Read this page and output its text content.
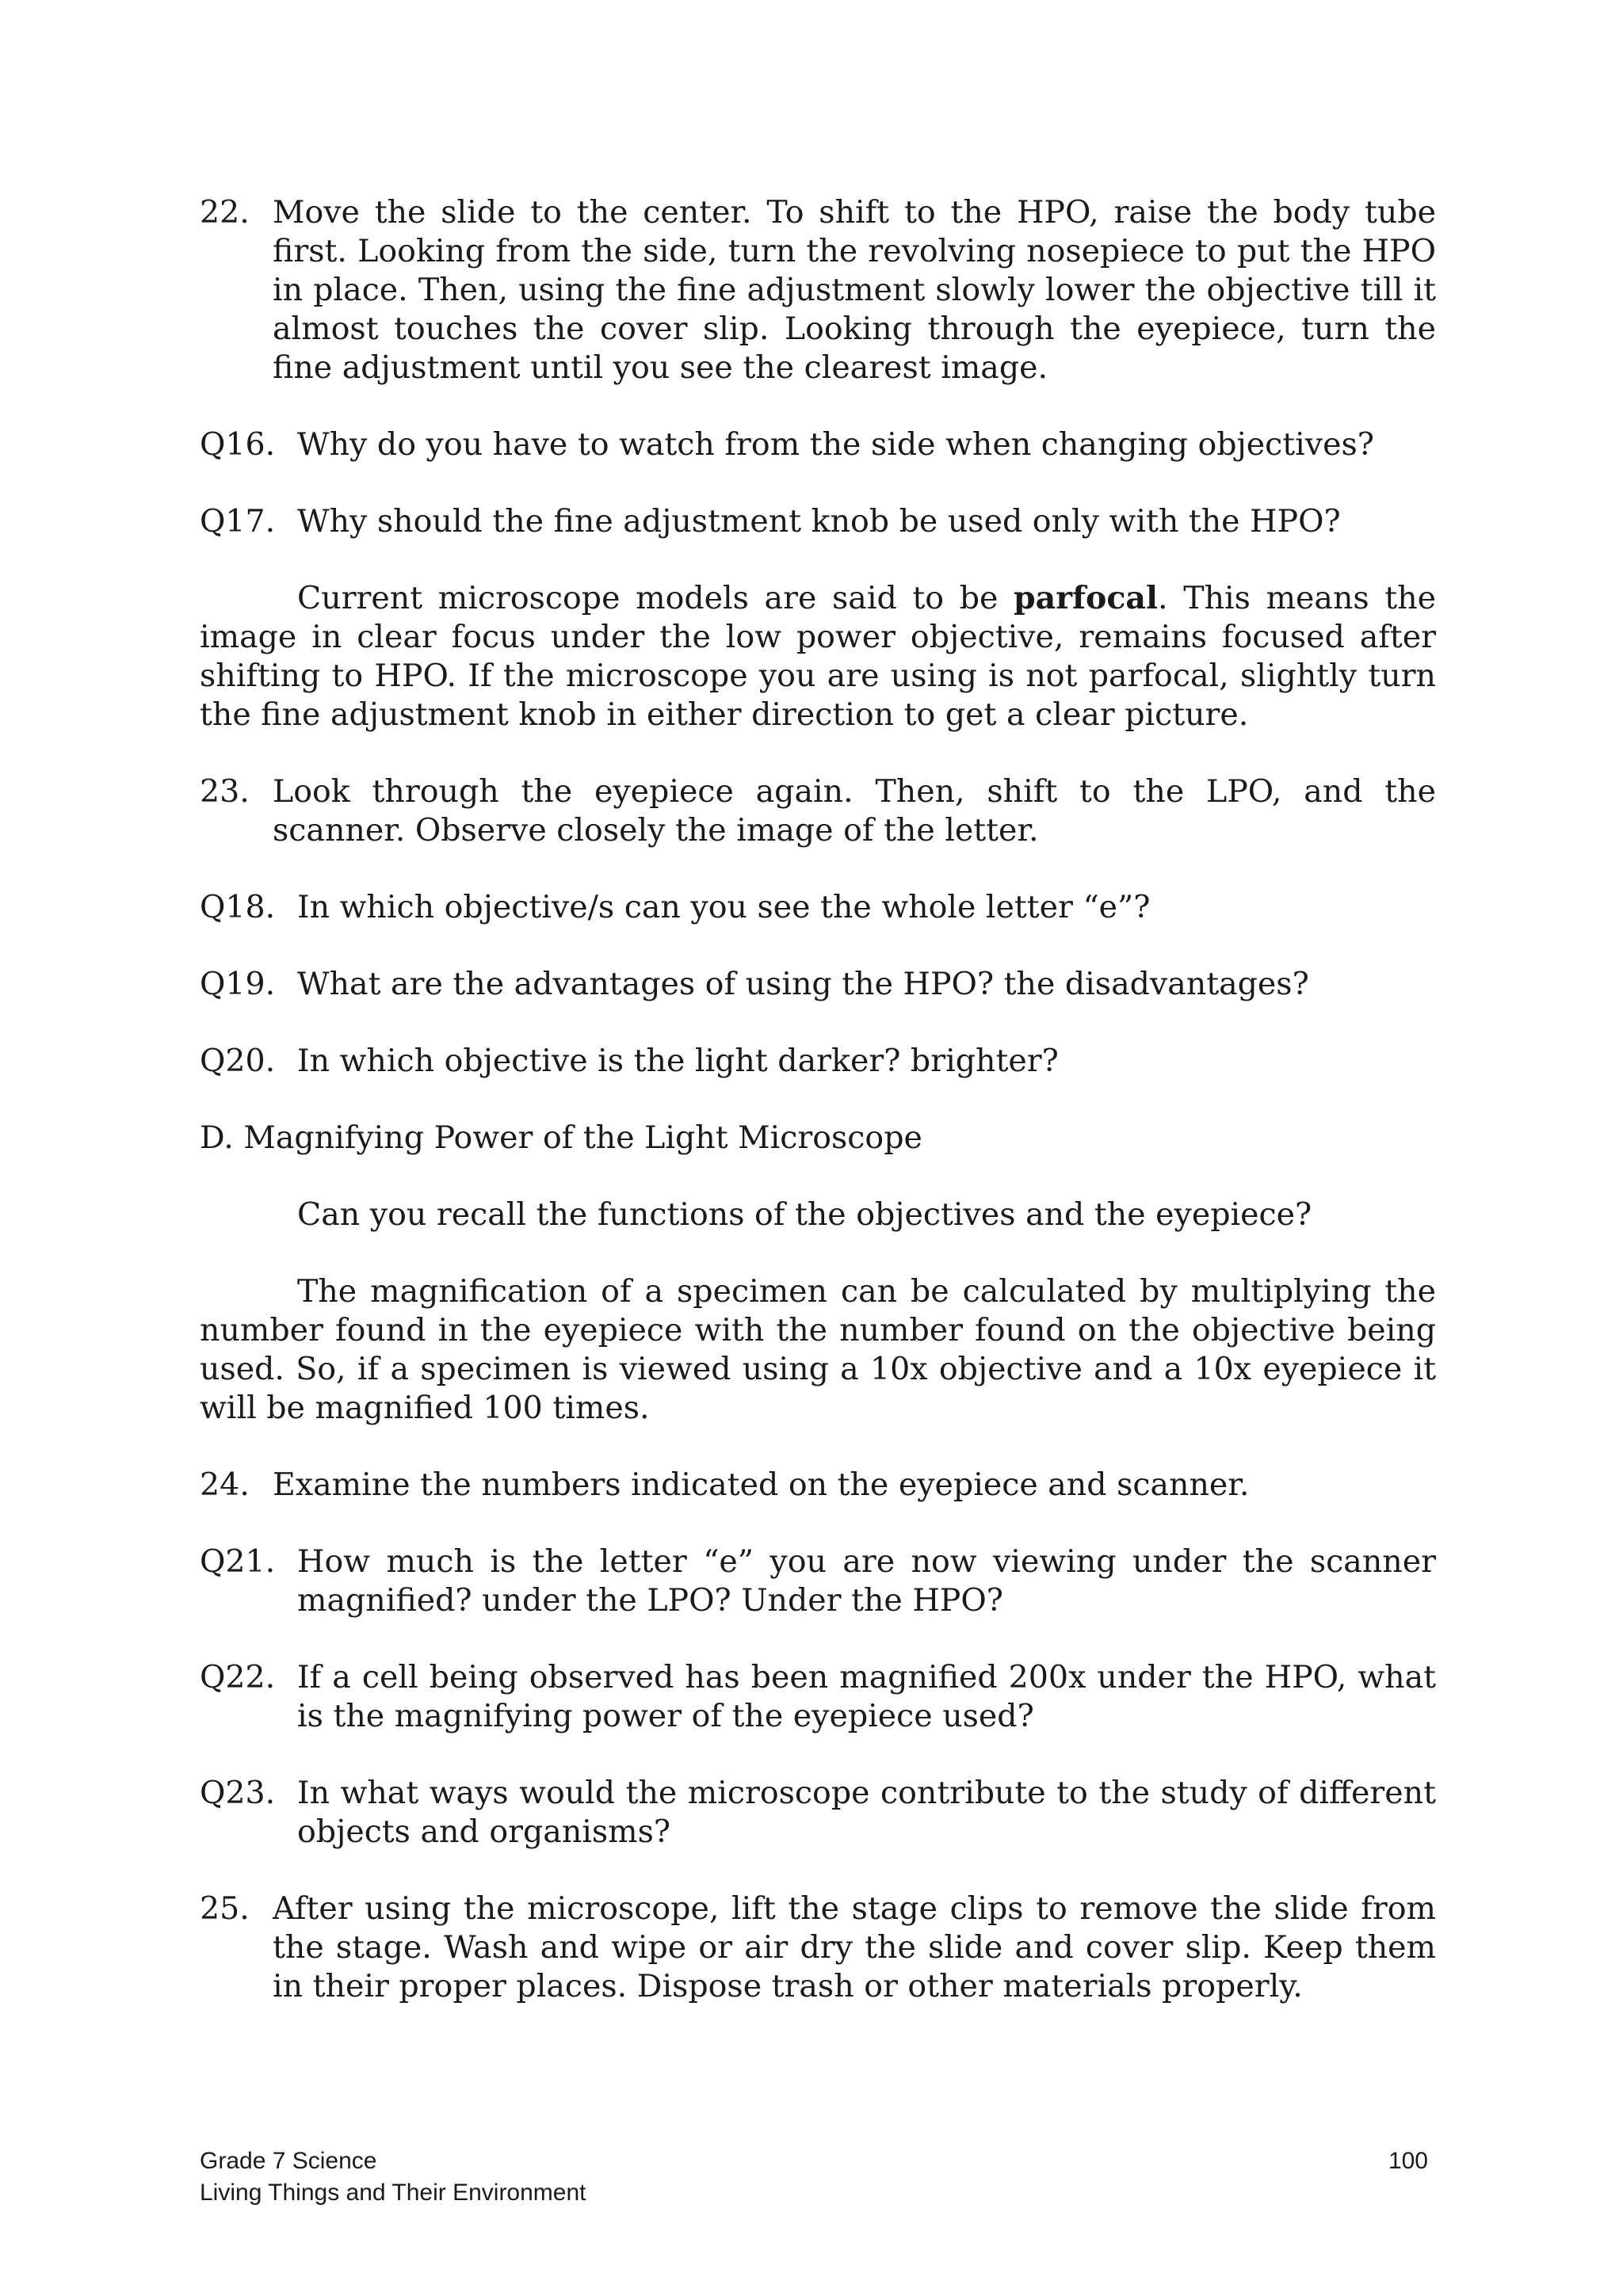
22. Move the slide to the center. To shift to the HPO, raise the body tube first. Looking from the side, turn the revolving nosepiece to put the HPO in place. Then, using the fine adjustment slowly lower the objective till it almost touches the cover slip. Looking through the eyepiece, turn the fine adjustment until you see the clearest image.
Q16. Why do you have to watch from the side when changing objectives?
Q17. Why should the fine adjustment knob be used only with the HPO?

Current microscope models are said to be parfocal. This means the image in clear focus under the low power objective, remains focused after shifting to HPO. If the microscope you are using is not parfocal, slightly turn the fine adjustment knob in either direction to get a clear picture.

23. Look through the eyepiece again. Then, shift to the LPO, and the scanner. Observe closely the image of the letter.
Q18. In which objective/s can you see the whole letter “e”?
Q19. What are the advantages of using the HPO? the disadvantages?
Q20. In which objective is the light darker? brighter?

D. Magnifying Power of the Light Microscope

Can you recall the functions of the objectives and the eyepiece?

The magnification of a specimen can be calculated by multiplying the number found in the eyepiece with the number found on the objective being used. So, if a specimen is viewed using a 10x objective and a 10x eyepiece it will be magnified 100 times.

24. Examine the numbers indicated on the eyepiece and scanner.
Q21. How much is the letter “e” you are now viewing under the scanner magnified? under the LPO? Under the HPO?
Q22. If a cell being observed has been magnified 200x under the HPO, what is the magnifying power of the eyepiece used?
Q23. In what ways would the microscope contribute to the study of different objects and organisms?
25. After using the microscope, lift the stage clips to remove the slide from the stage. Wash and wipe or air dry the slide and cover slip. Keep them in their proper places. Dispose trash or other materials properly.
Grade 7 Science
Living Things and Their Environment
100
